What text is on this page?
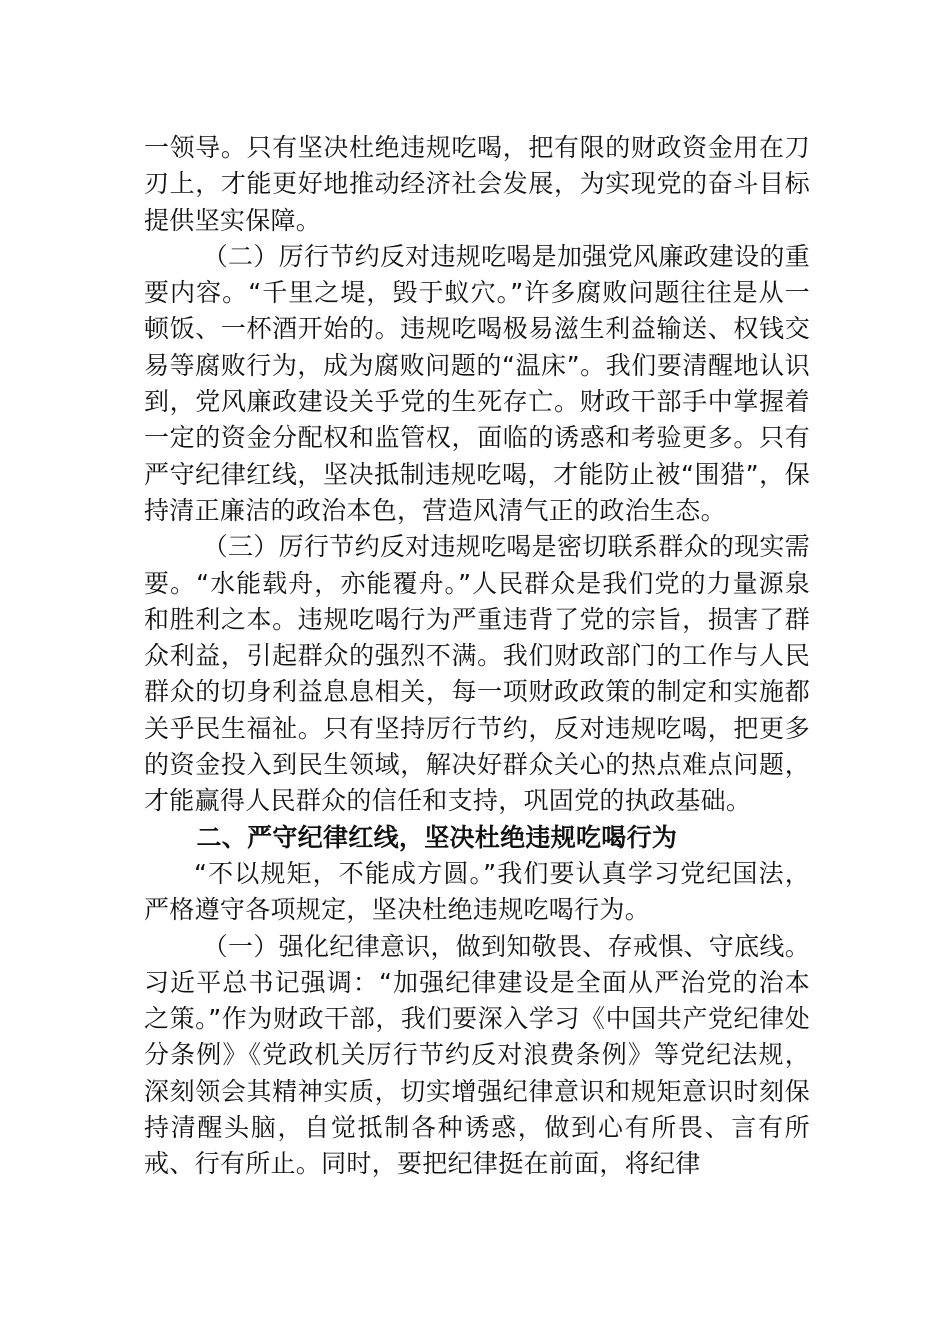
一领导。只有坚决杜绝违规吃喝，把有限的财政资金用在刀刃上，才能更好地推动经济社会发展，为实现党的奋斗目标提供坚实保障。

（二）厉行节约反对违规吃喝是加强党风廉政建设的重要内容。“千里之堤，毁于蚁穴。”许多腐败问题往往是从一顿饭、一杯酒开始的。违规吃喝极易滋生利益输送、权钱交易等腐败行为，成为腐败问题的“温床”。我们要清醒地认识到，党风廉政建设关乎党的生死存亡。财政干部手中掌握着一定的资金分配权和监管权，面临的诱惑和考验更多。只有严守纪律红线，坚决抵制违规吃喝，才能防止被“围猎”，保持清正廉洁的政治本色，营造风清气正的政治生态。

（三）厉行节约反对违规吃喝是密切联系群众的现实需要。“水能载舟，亦能覆舟。”人民群众是我们党的力量源泉和胜利之本。违规吃喝行为严重违背了党的宗旨，损害了群众利益，引起群众的强烈不满。我们财政部门的工作与人民群众的切身利益息息相关，每一项财政政策的制定和实施都关乎民生福祉。只有坚持厉行节约，反对违规吃喝，把更多的资金投入到民生领域，解决好群众关心的热点难点问题，才能赢得人民群众的信任和支持，巩固党的执政基础。

二、严守纪律红线，坚决杜绝违规吃喝行为

“不以规矩，不能成方圆。”我们要认真学习党纪国法，严格遵守各项规定，坚决杜绝违规吃喝行为。

（一）强化纪律意识，做到知敬畏、存戒惧、守底线。习近平总书记强调：“加强纪律建设是全面从严治党的治本之策。”作为财政干部，我们要深入学习《中国共产党纪律处分条例》《党政机关厉行节约反对浪费条例》等党纪法规，深刻领会其精神实质，切实增强纪律意识和规矩意识时刻保持清醒头脑，自觉抵制各种诱惑，做到心有所畏、言有所戒、行有所止。同时，要把纪律挺在前面，将纪律
